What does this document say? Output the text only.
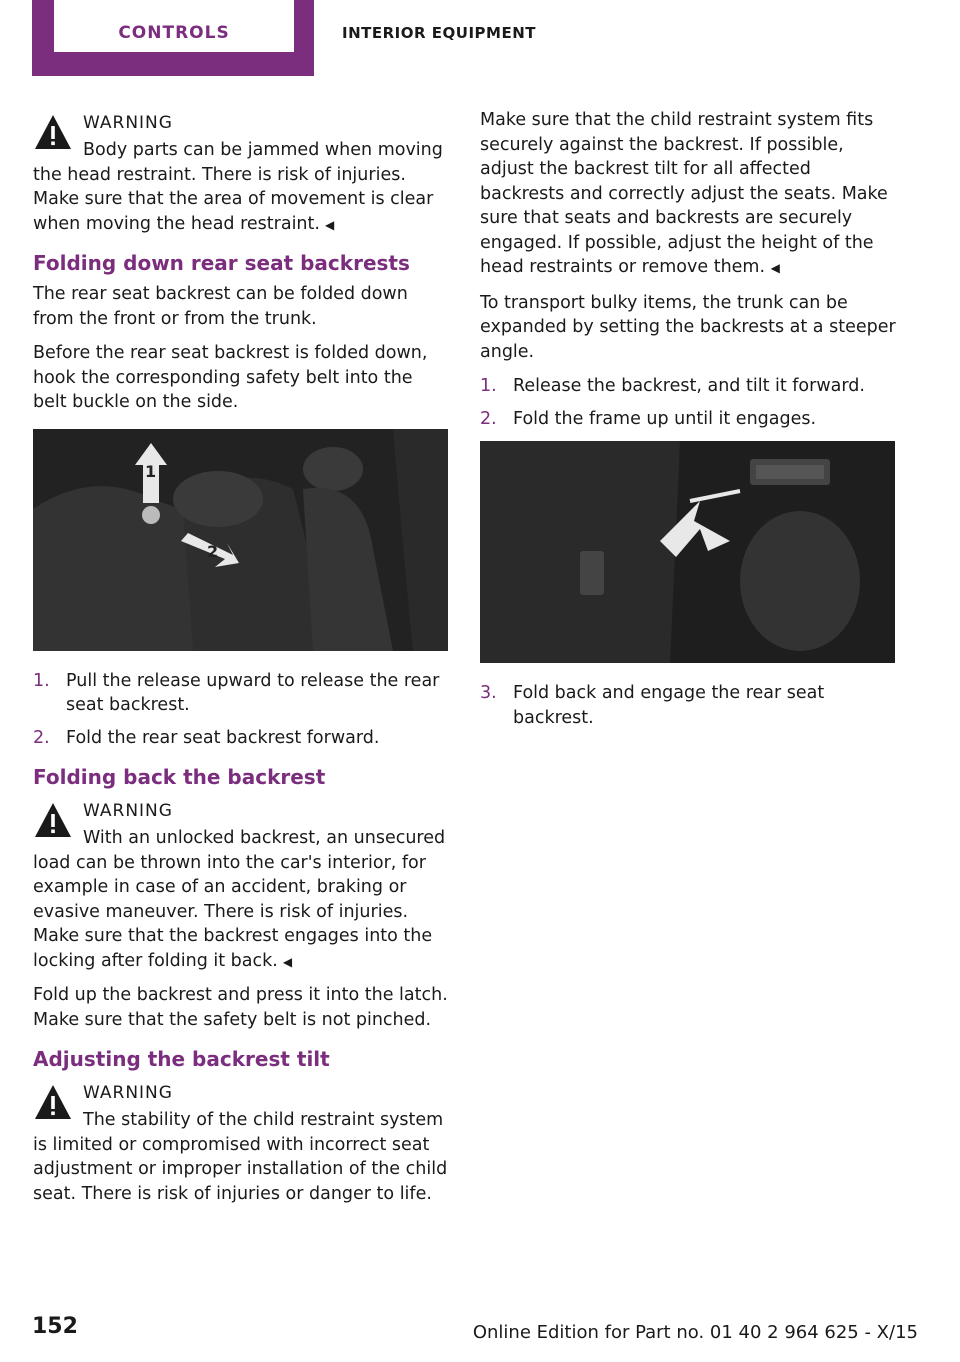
CONTROLS	INTERIOR EQUIPMENT
WARNING
Body parts can be jammed when moving the head restraint. There is risk of injuries. Make sure that the area of movement is clear when moving the head restraint. ◀
Folding down rear seat backrests

The rear seat backrest can be folded down from the front or from the trunk.

Before the rear seat backrest is folded down, hook the corresponding safety belt into the belt buckle on the side.

1
2
1. Pull the release upward to release the rear seat backrest.
2. Fold the rear seat backrest forward.
Folding back the backrest
WARNING
With an unlocked backrest, an unsecured load can be thrown into the car's interior, for example in case of an accident, braking or evasive maneuver. There is risk of injuries. Make sure that the backrest engages into the locking after folding it back. ◀

Fold up the backrest and press it into the latch. Make sure that the safety belt is not pinched.

Adjusting the backrest tilt
WARNING
The stability of the child restraint system is limited or compromised with incorrect seat adjustment or improper installation of the child seat. There is risk of injuries or danger to life.

Make sure that the child restraint system fits securely against the backrest. If possible, adjust the backrest tilt for all affected backrests and correctly adjust the seats. Make sure that seats and backrests are securely engaged. If possible, adjust the height of the head restraints or remove them. ◀

To transport bulky items, the trunk can be expanded by setting the backrests at a steeper angle.

1. Release the backrest, and tilt it forward.
2. Fold the frame up until it engages.
3. Fold back and engage the rear seat backrest.
152	Online Edition for Part no. 01 40 2 964 625 - X/15
